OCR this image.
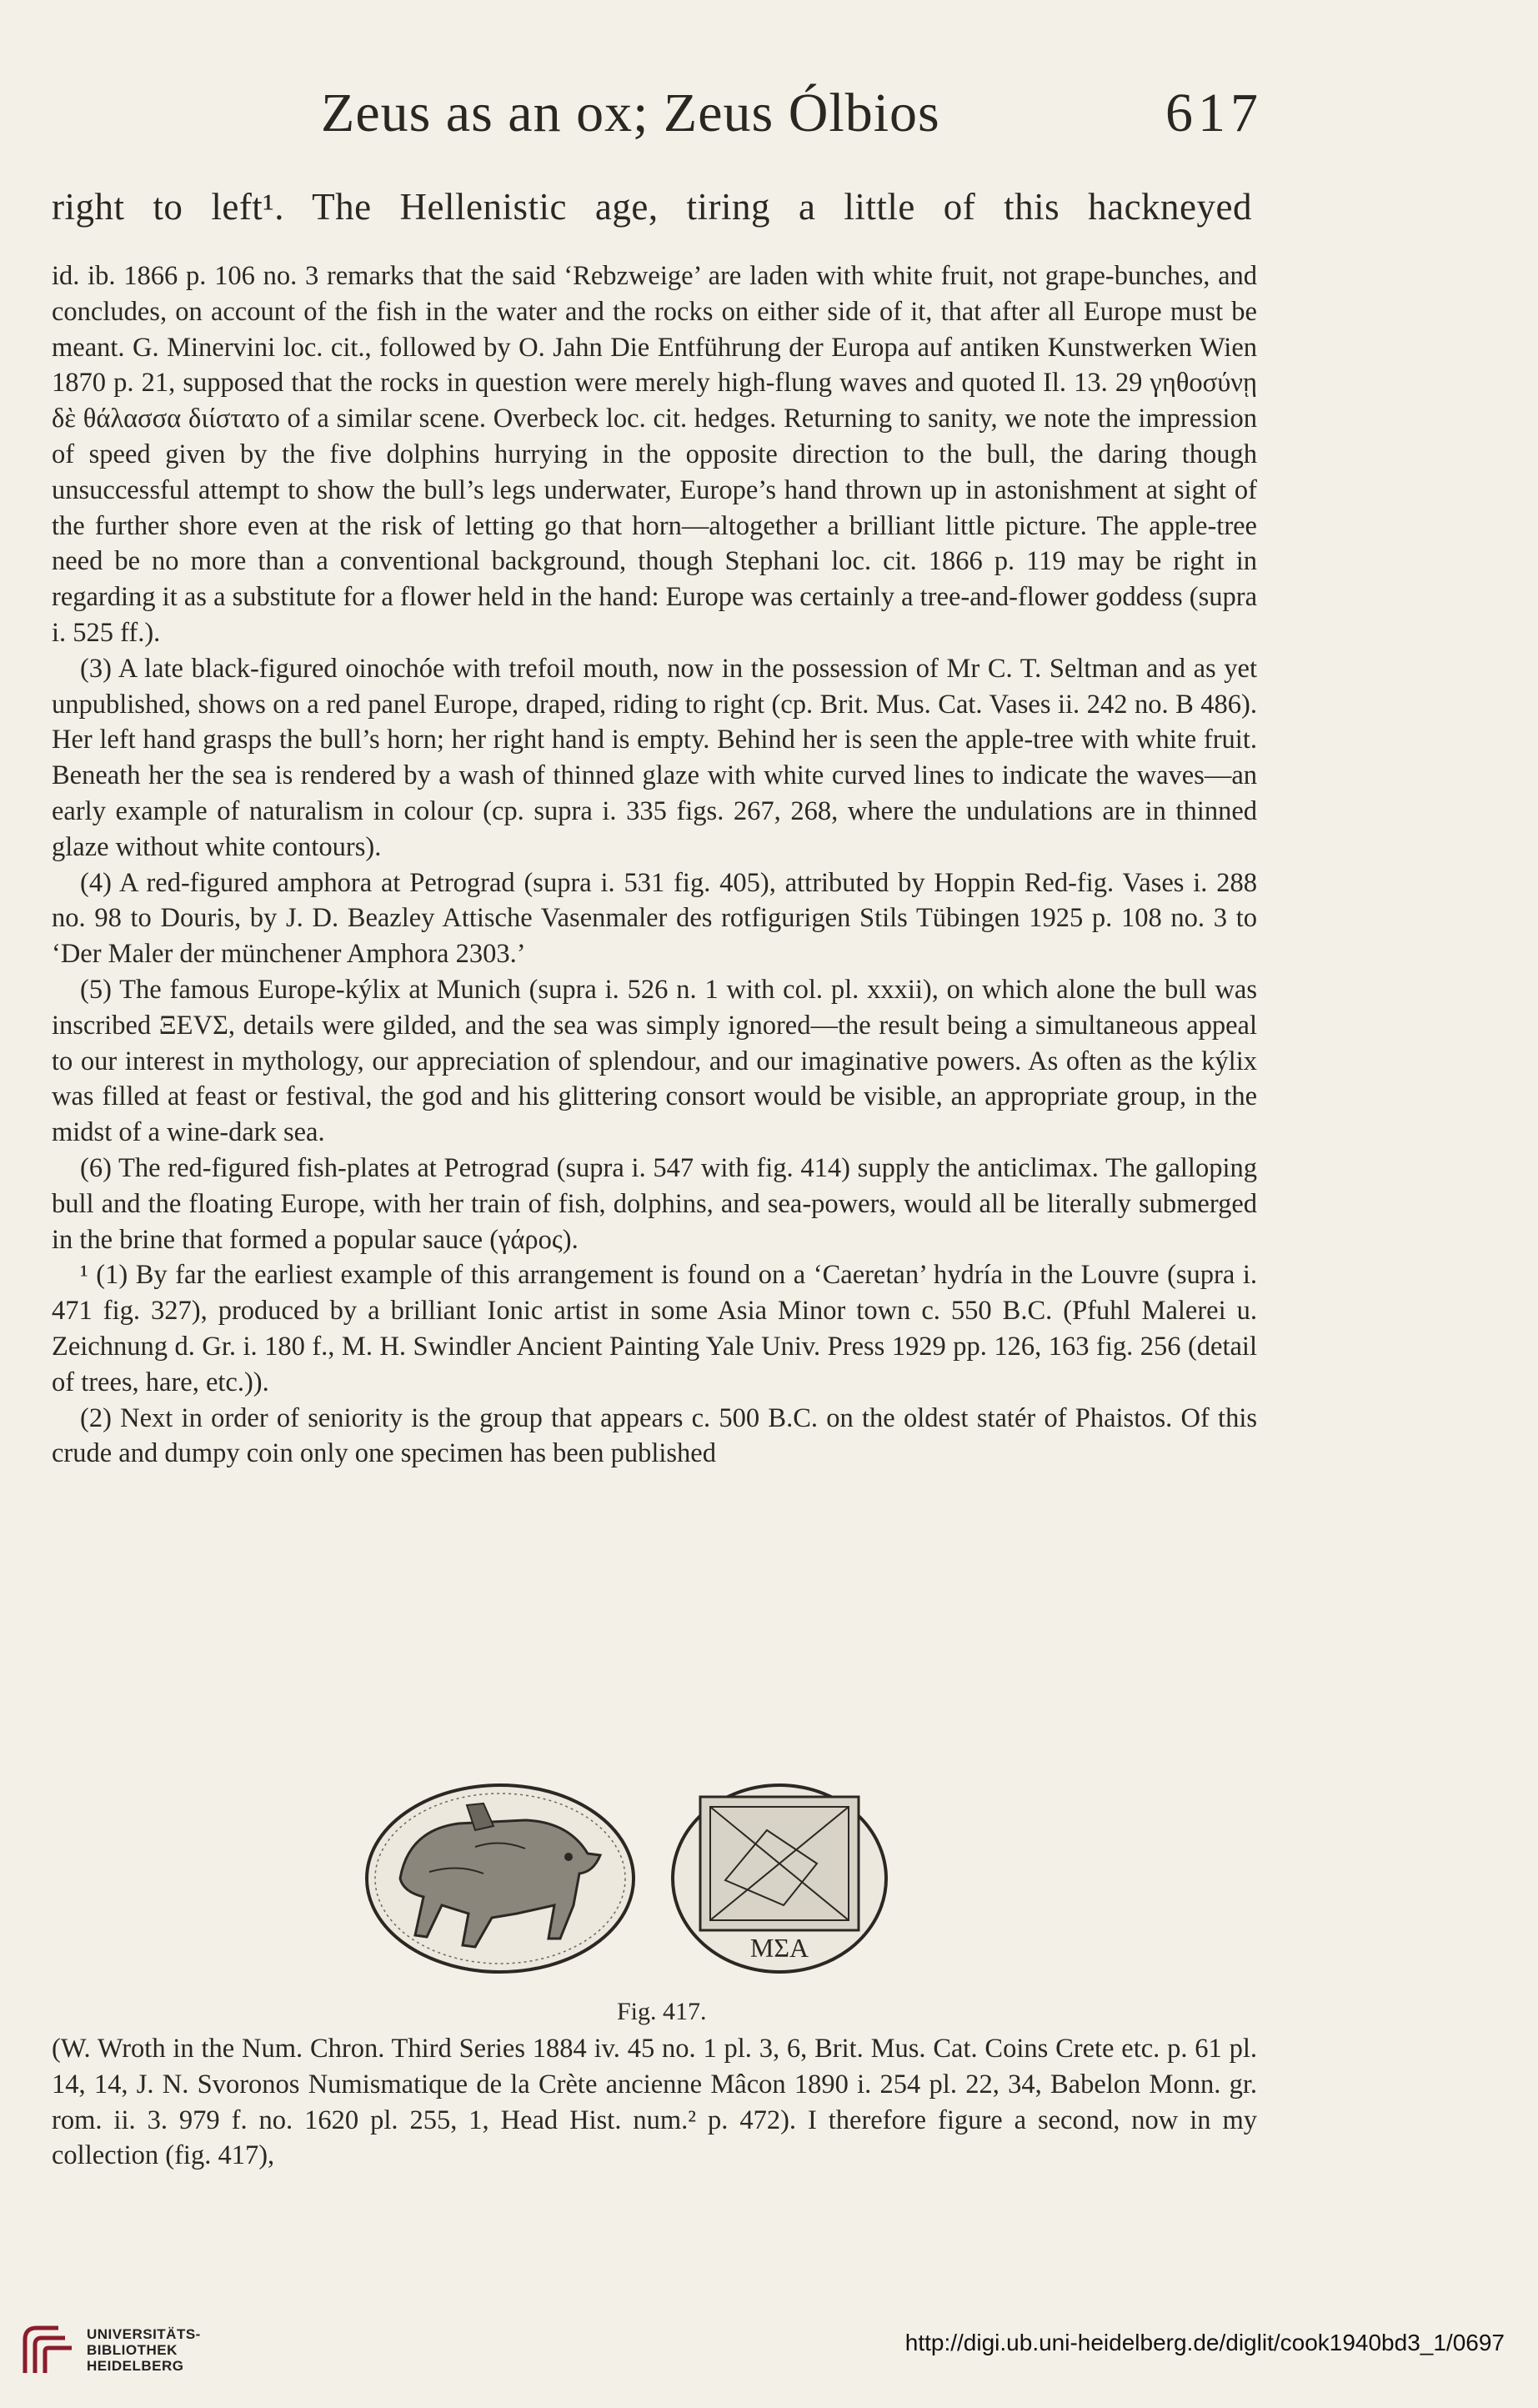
Zeus as an ox; Zeus Ólbios	617
right to left¹. The Hellenistic age, tiring a little of this hackneyed

id. ib. 1866 p. 106 no. 3 remarks that the said ‘Rebzweige’ are laden with white fruit, not grape-bunches, and concludes, on account of the fish in the water and the rocks on either side of it, that after all Europe must be meant. G. Minervini loc. cit., followed by O. Jahn Die Entführung der Europa auf antiken Kunstwerken Wien 1870 p. 21, supposed that the rocks in question were merely high-flung waves and quoted Il. 13. 29 γηθοσύνῃ δὲ θάλασσα διίστατο of a similar scene. Overbeck loc. cit. hedges. Returning to sanity, we note the impression of speed given by the five dolphins hurrying in the opposite direction to the bull, the daring though unsuccessful attempt to show the bull’s legs underwater, Europe’s hand thrown up in astonishment at sight of the further shore even at the risk of letting go that horn—altogether a brilliant little picture. The apple-tree need be no more than a conventional background, though Stephani loc. cit. 1866 p. 119 may be right in regarding it as a substitute for a flower held in the hand: Europe was certainly a tree-and-flower goddess (supra i. 525 ff.).

(3) A late black-figured oinochóe with trefoil mouth, now in the possession of Mr C. T. Seltman and as yet unpublished, shows on a red panel Europe, draped, riding to right (cp. Brit. Mus. Cat. Vases ii. 242 no. B 486). Her left hand grasps the bull’s horn; her right hand is empty. Behind her is seen the apple-tree with white fruit. Beneath her the sea is rendered by a wash of thinned glaze with white curved lines to indicate the waves—an early example of naturalism in colour (cp. supra i. 335 figs. 267, 268, where the undulations are in thinned glaze without white contours).

(4) A red-figured amphora at Petrograd (supra i. 531 fig. 405), attributed by Hoppin Red-fig. Vases i. 288 no. 98 to Douris, by J. D. Beazley Attische Vasenmaler des rotfigurigen Stils Tübingen 1925 p. 108 no. 3 to ‘Der Maler der münchener Amphora 2303.’

(5) The famous Europe-kýlix at Munich (supra i. 526 n. 1 with col. pl. xxxii), on which alone the bull was inscribed ΞΕVΣ, details were gilded, and the sea was simply ignored—the result being a simultaneous appeal to our interest in mythology, our appreciation of splendour, and our imaginative powers. As often as the kýlix was filled at feast or festival, the god and his glittering consort would be visible, an appropriate group, in the midst of a wine-dark sea.

(6) The red-figured fish-plates at Petrograd (supra i. 547 with fig. 414) supply the anticlimax. The galloping bull and the floating Europe, with her train of fish, dolphins, and sea-powers, would all be literally submerged in the brine that formed a popular sauce (γάρος).

¹ (1) By far the earliest example of this arrangement is found on a ‘Caeretan’ hydría in the Louvre (supra i. 471 fig. 327), produced by a brilliant Ionic artist in some Asia Minor town c. 550 B.C. (Pfuhl Malerei u. Zeichnung d. Gr. i. 180 f., M. H. Swindler Ancient Painting Yale Univ. Press 1929 pp. 126, 163 fig. 256 (detail of trees, hare, etc.)).

(2) Next in order of seniority is the group that appears c. 500 B.C. on the oldest statér of Phaistos. Of this crude and dumpy coin only one specimen has been published

ΜΣΑ
Fig. 417.

(W. Wroth in the Num. Chron. Third Series 1884 iv. 45 no. 1 pl. 3, 6, Brit. Mus. Cat. Coins Crete etc. p. 61 pl. 14, 14, J. N. Svoronos Numismatique de la Crète ancienne Mâcon 1890 i. 254 pl. 22, 34, Babelon Monn. gr. rom. ii. 3. 979 f. no. 1620 pl. 255, 1, Head Hist. num.² p. 472). I therefore figure a second, now in my collection (fig. 417),

UNIVERSITÄTS-
BIBLIOTHEK
HEIDELBERG
http://digi.ub.uni-heidelberg.de/diglit/cook1940bd3_1/0697
